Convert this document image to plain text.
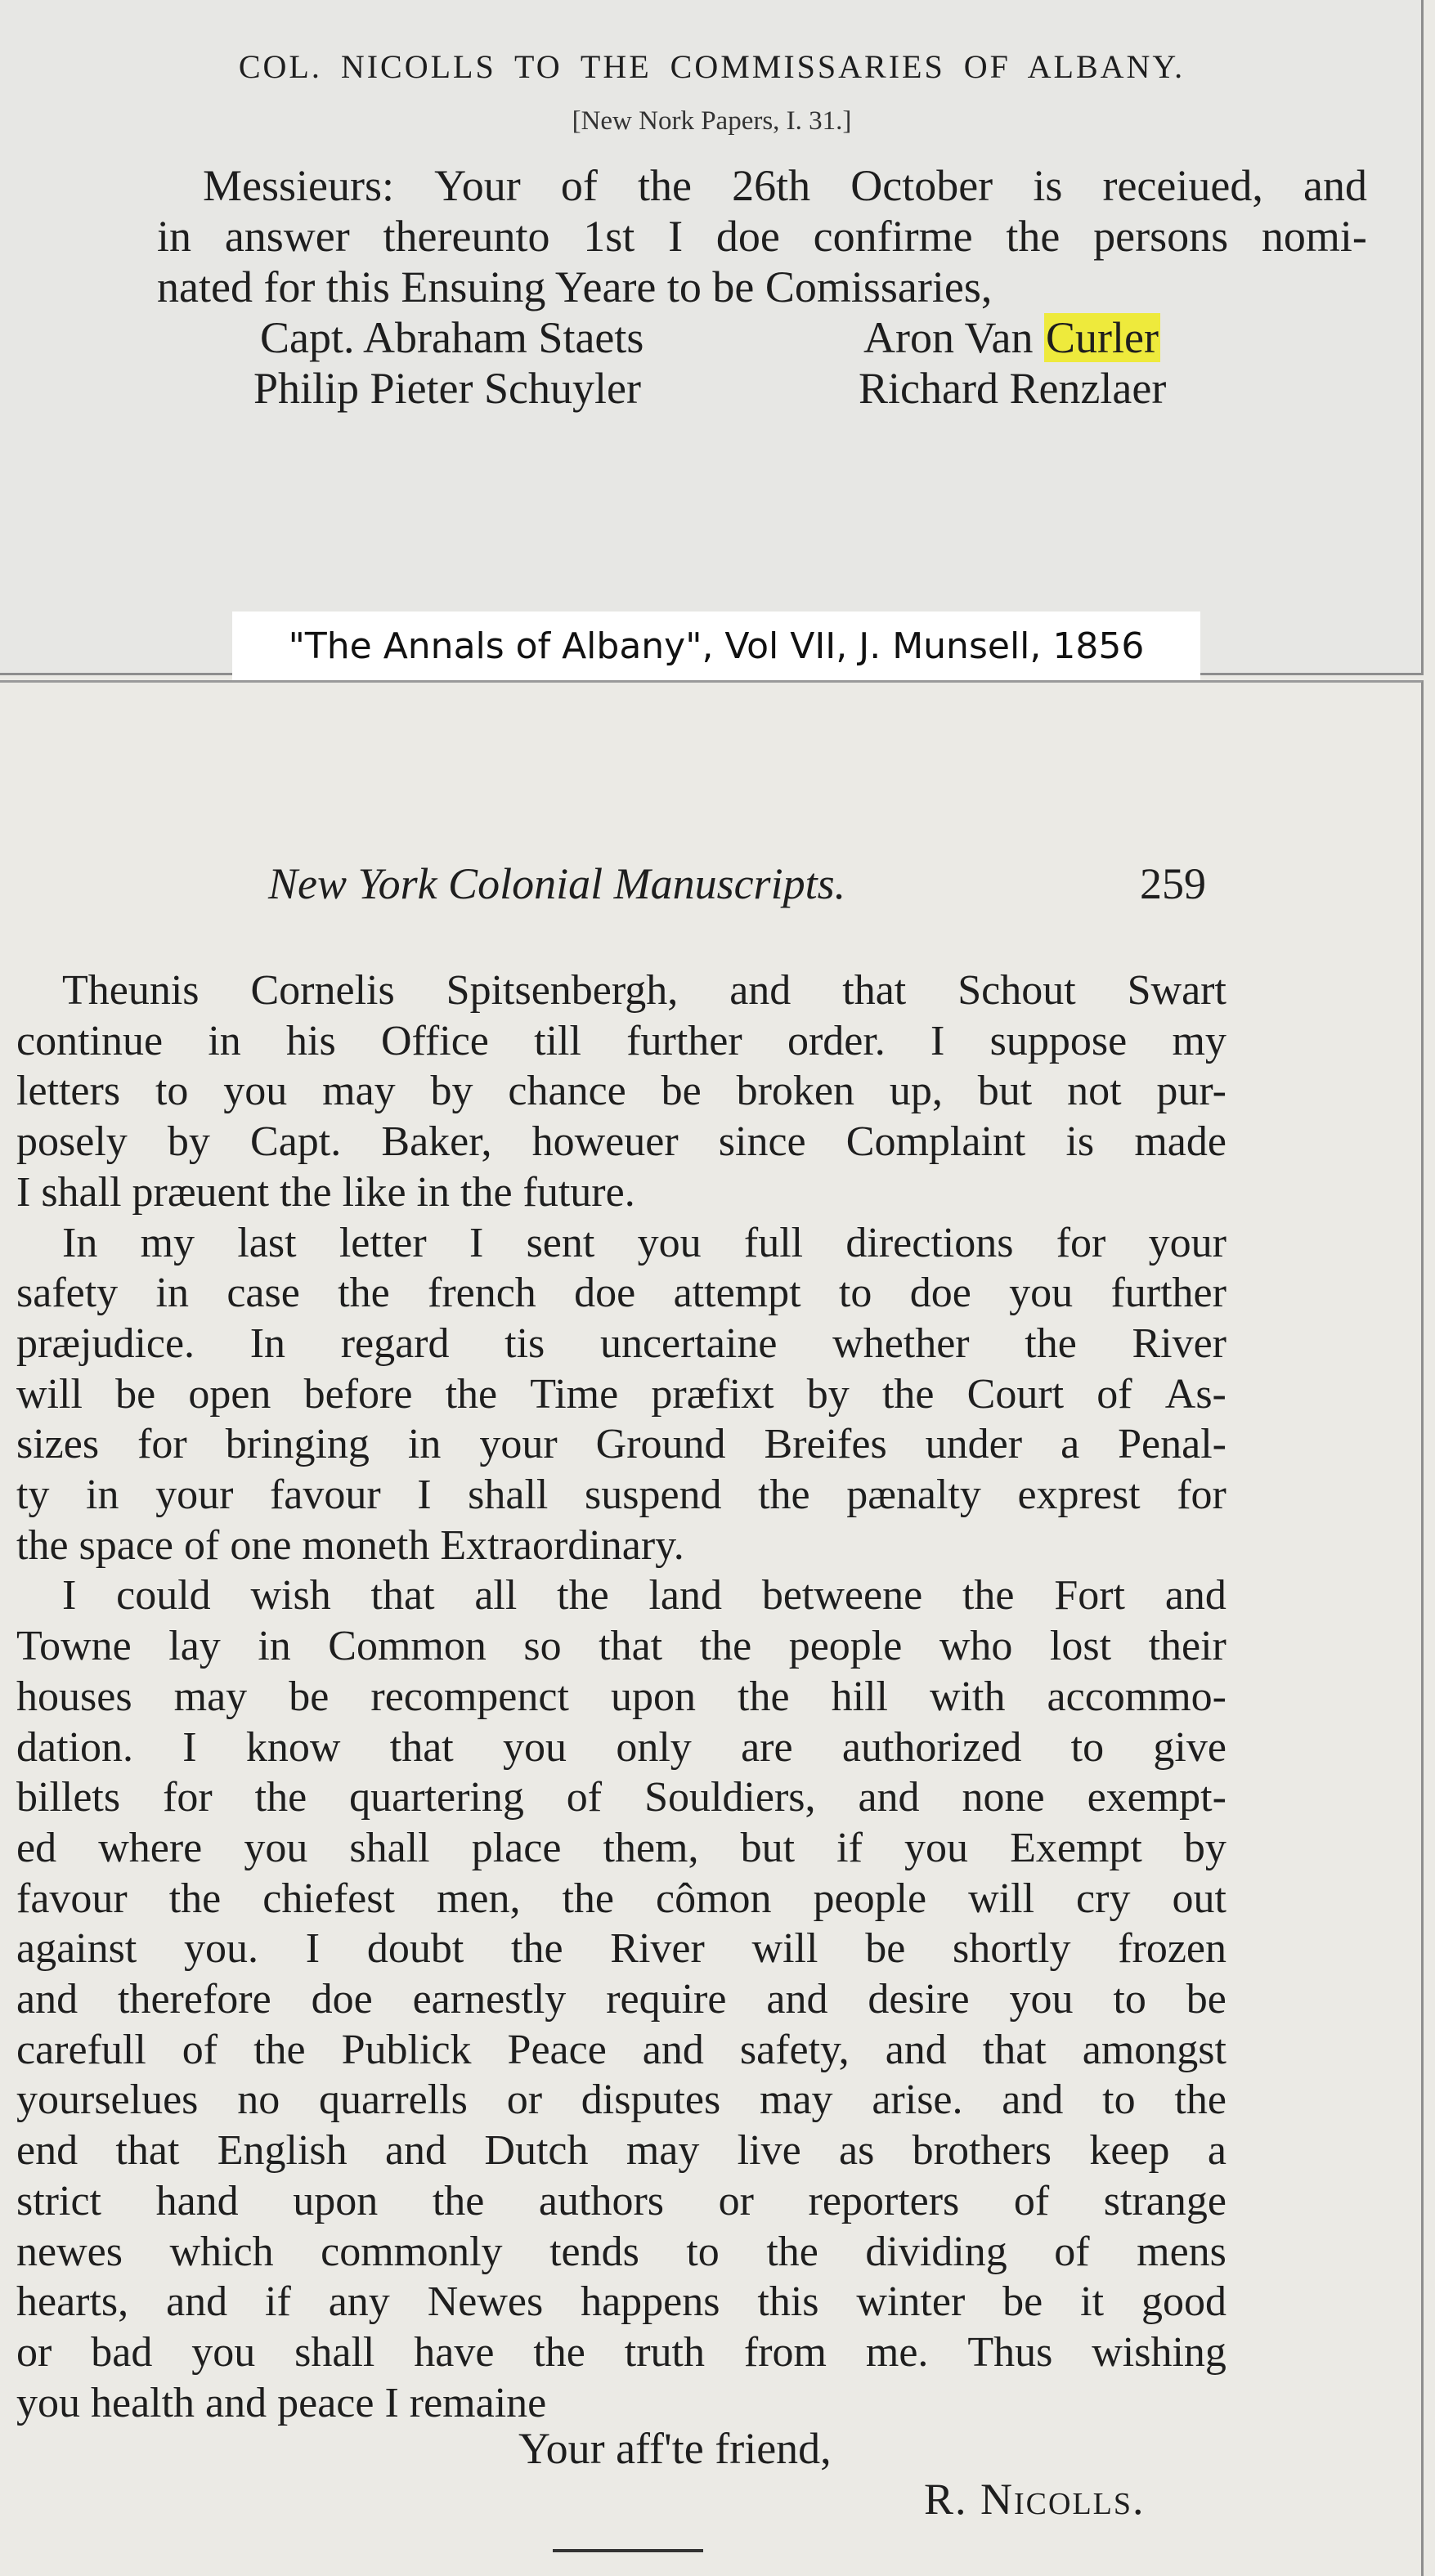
COL. NICOLLS TO THE COMMISSARIES OF ALBANY.

[New Nork Papers, I. 31.]

Messieurs: Your of the 26th October is receiued, and
in answer thereunto 1st I doe confirme the persons nomi-
nated for this Ensuing Yeare to be Comissaries,
Capt. Abraham Staets	Aron Van Curler
Philip Pieter Schuyler	Richard Renzlaer
"The Annals of Albany", Vol VII, J. Munsell, 1856
New York Colonial Manuscripts.	259
Theunis Cornelis Spitsenbergh, and that Schout Swart
continue in his Office till further order. I suppose my
letters to you may by chance be broken up, but not pur-
posely by Capt. Baker, howeuer since Complaint is made
I shall præuent the like in the future.
In my last letter I sent you full directions for your
safety in case the french doe attempt to doe you further
præjudice. In regard tis uncertaine whether the River
will be open before the Time præfixt by the Court of As-
sizes for bringing in your Ground Breifes under a Penal-
ty in your favour I shall suspend the pænalty exprest for
the space of one moneth Extraordinary.
I could wish that all the land betweene the Fort and
Towne lay in Common so that the people who lost their
houses may be recompenct upon the hill with accommo-
dation. I know that you only are authorized to give
billets for the quartering of Souldiers, and none exempt-
ed where you shall place them, but if you Exempt by
favour the chiefest men, the cômon people will cry out
against you. I doubt the River will be shortly frozen
and therefore doe earnestly require and desire you to be
carefull of the Publick Peace and safety, and that amongst
yourselues no quarrells or disputes may arise. and to the
end that English and Dutch may live as brothers keep a
strict hand upon the authors or reporters of strange
newes which commonly tends to the dividing of mens
hearts, and if any Newes happens this winter be it good
or bad you shall have the truth from me. Thus wishing
you health and peace I remaine
Your aff'te friend,
R. Nicolls.
